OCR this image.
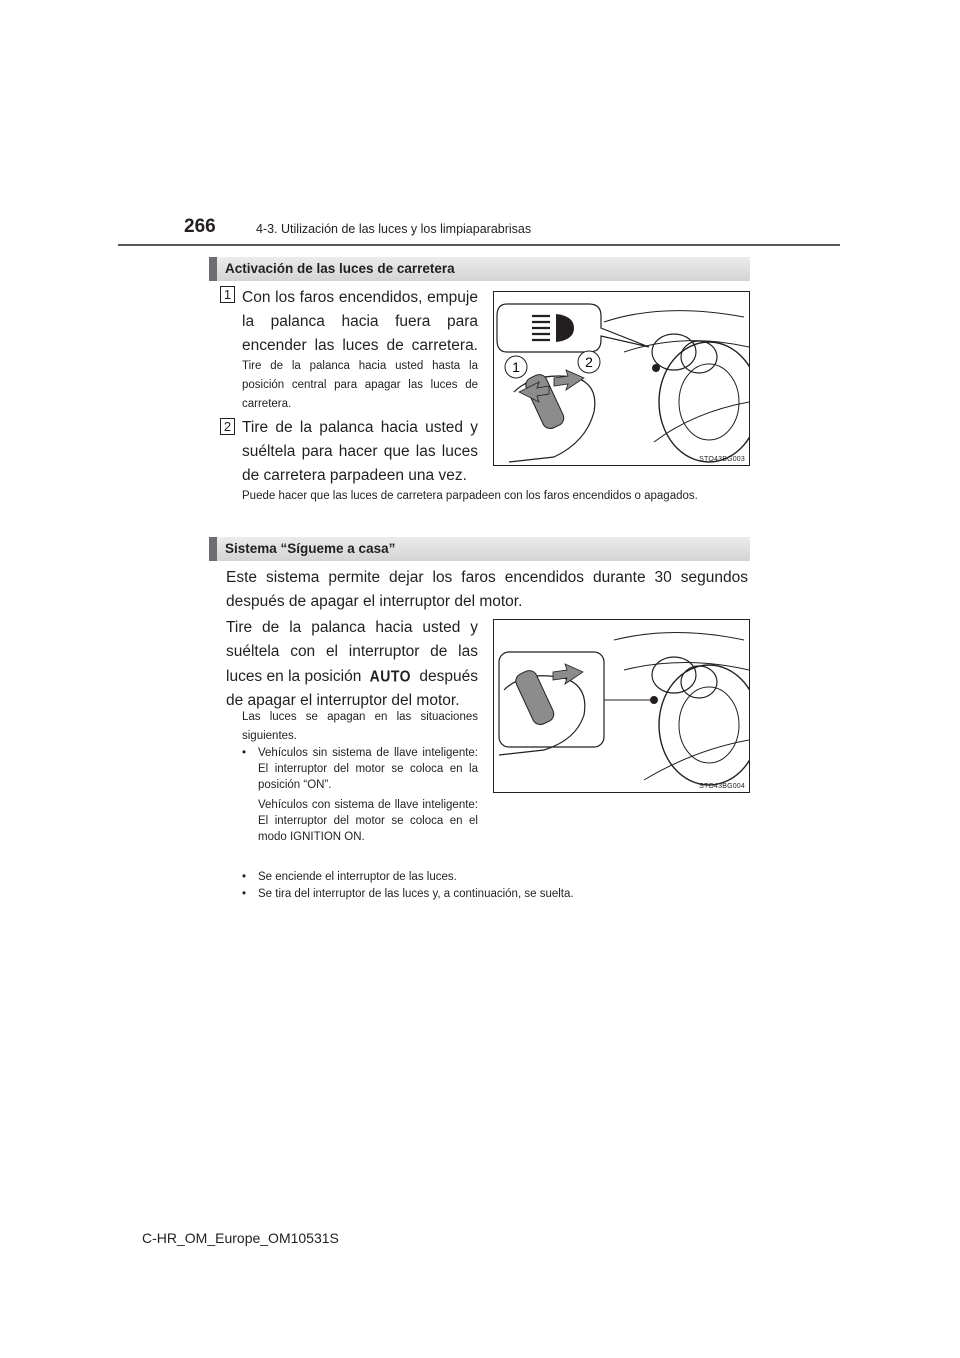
266	4-3. Utilización de las luces y los limpiaparabrisas
Activación de las luces de carretera
1 Con los faros encendidos, empuje la palanca hacia fuera para encender las luces de carretera.
Tire de la palanca hacia usted hasta la posición central para apagar las luces de carretera.
2 Tire de la palanca hacia usted y suéltela para hacer que las luces de carretera parpadeen una vez.
Puede hacer que las luces de carretera parpadeen con los faros encendidos o apagados.
1	2
STO43BG003
Sistema “Sígueme a casa”
Este sistema permite dejar los faros encendidos durante 30 segundos después de apagar el interruptor del motor.
Tire de la palanca hacia usted y suéltela con el interruptor de las luces en la posición AUTO después de apagar el interruptor del motor.
Las luces se apagan en las situaciones siguientes.
• Vehículos sin sistema de llave inteligente: El interruptor del motor se coloca en la posición “ON”.
Vehículos con sistema de llave inteligente: El interruptor del motor se coloca en el modo IGNITION ON.
• Se enciende el interruptor de las luces.
• Se tira del interruptor de las luces y, a continuación, se suelta.
STO43BG004
C-HR_OM_Europe_OM10531S
